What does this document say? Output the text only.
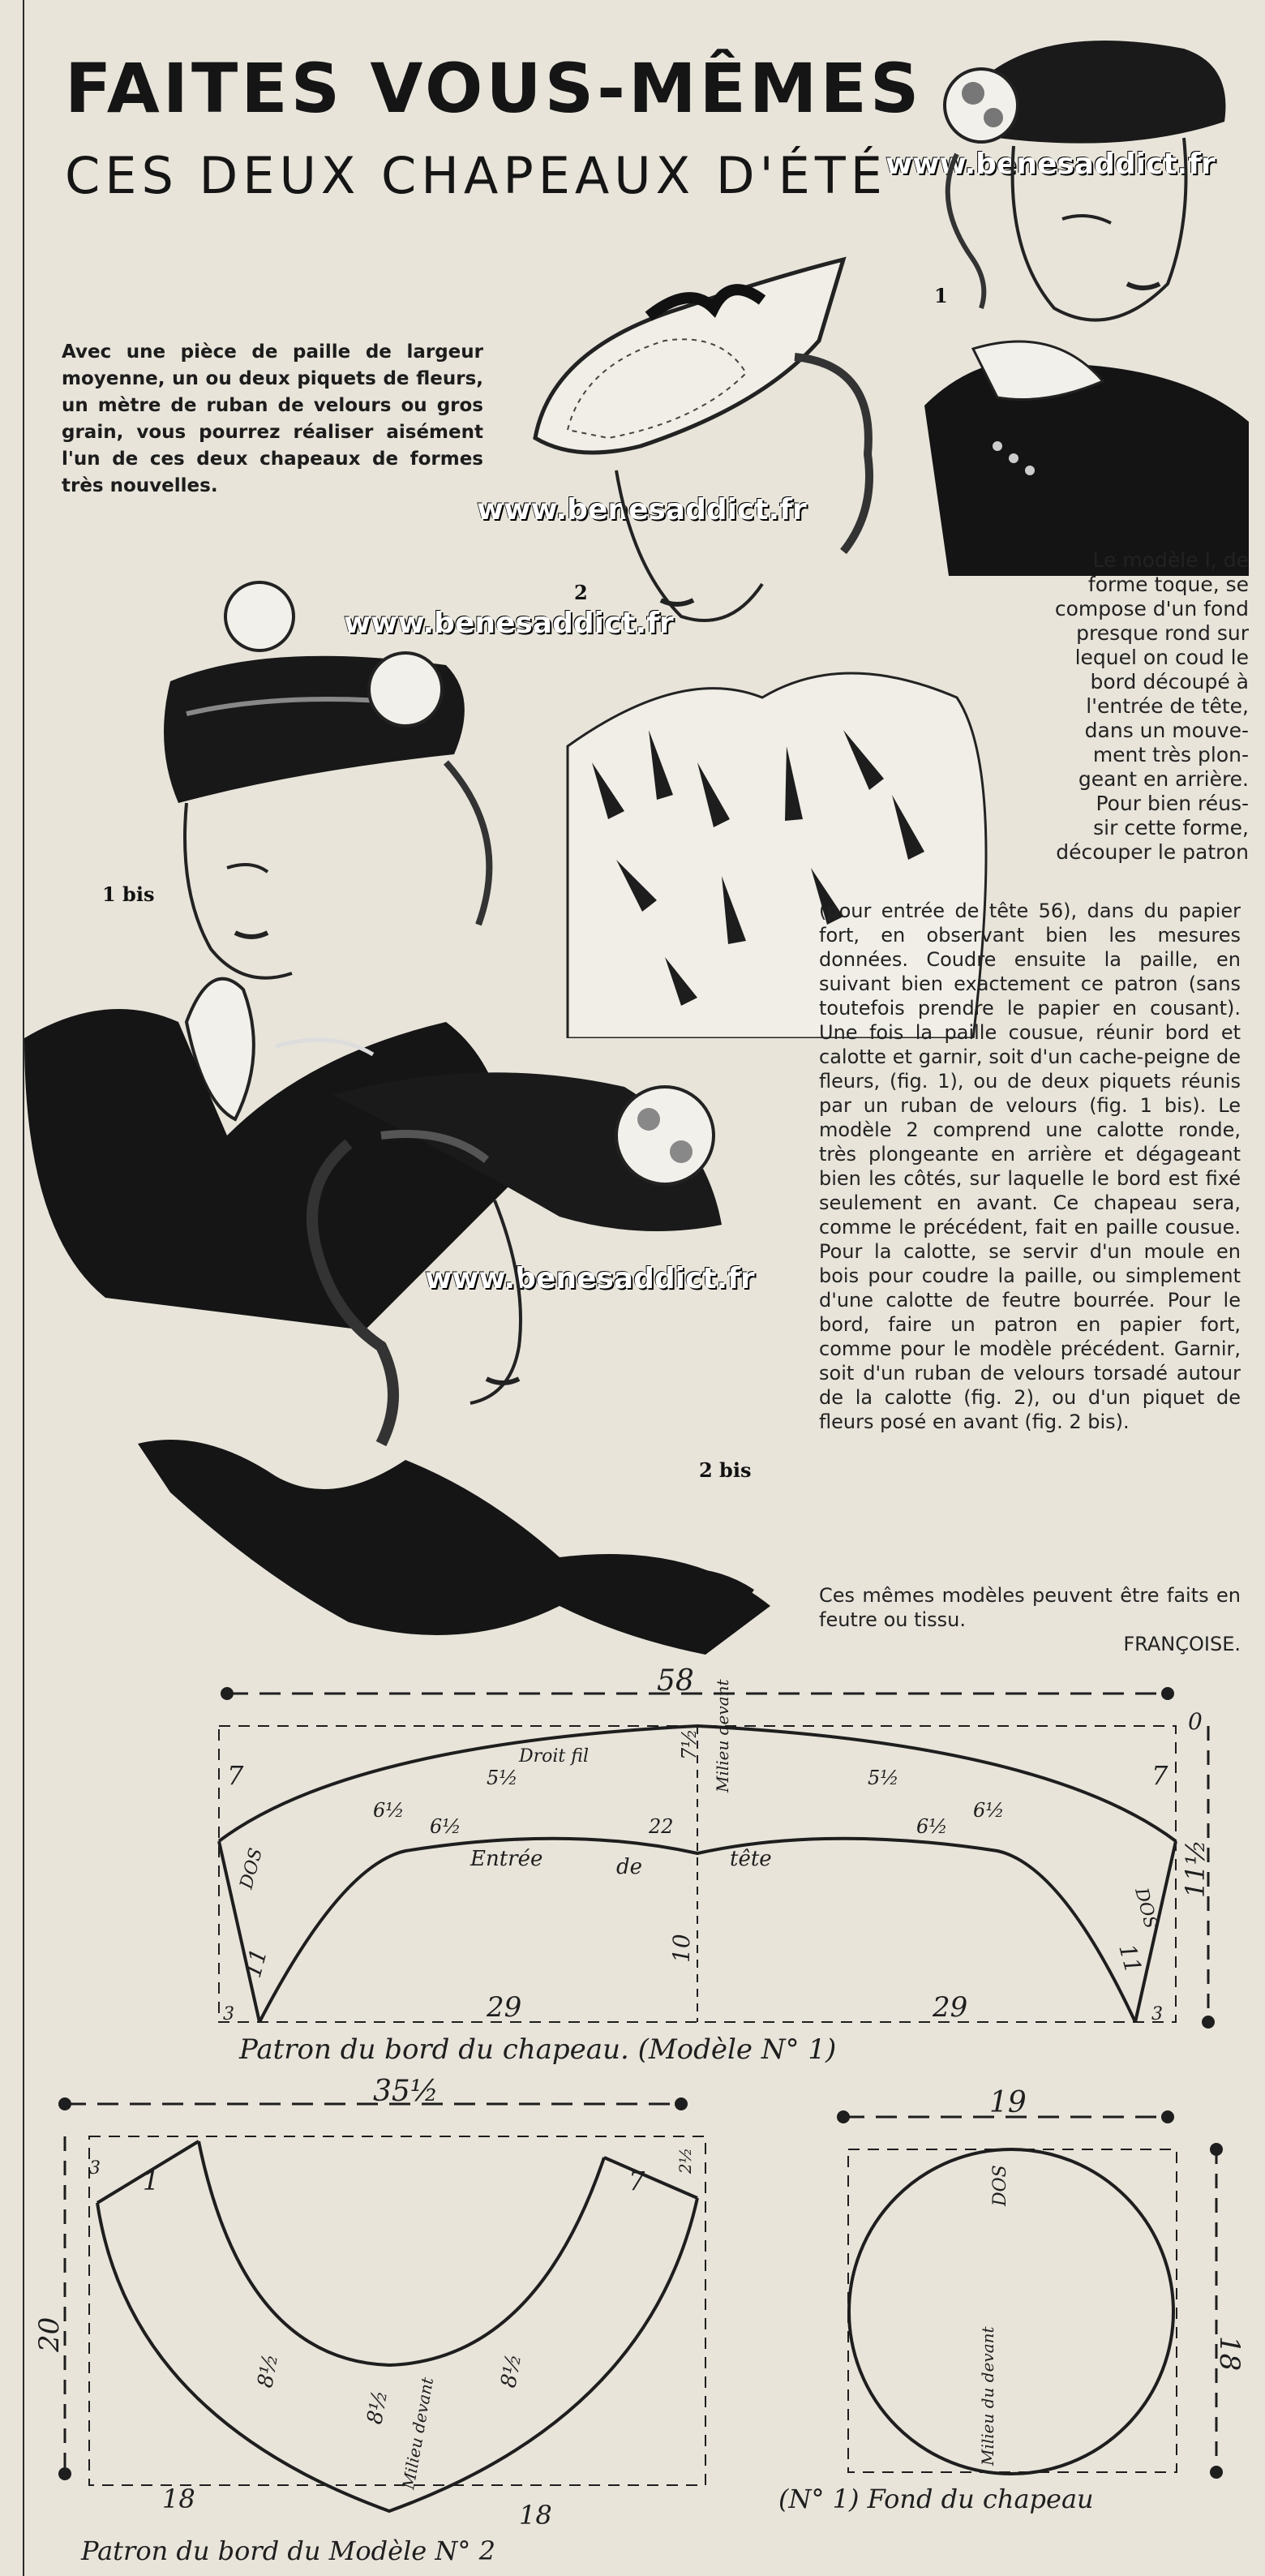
FAITES VOUS-MÊMES
CES DEUX CHAPEAUX D'ÉTÉ
www.benesaddict.fr
www.benesaddict.fr
www.benesaddict.fr
www.benesaddict.fr
Avec une pièce de paille de largeur moyenne, un ou deux piquets de fleurs, un mètre de ruban de velours ou gros grain, vous pourrez réaliser aisément l'un de ces deux chapeaux de formes très nouvelles.
1
2
1 bis
2 bis
Le modèle I, de
forme toque, se
compose d'un fond
presque rond sur
lequel on coud le
bord découpé à
l'entrée de tête,
dans un mouve-
ment très plon-
geant en arrière.
Pour bien réus-
sir cette forme,
découper le patron
(pour entrée de tête 56), dans du papier fort, en observant bien les mesures données. Coudre ensuite la paille, en suivant bien exactement ce patron (sans toutefois prendre le papier en cousant). Une fois la paille cousue, réunir bord et calotte et garnir, soit d'un cache-peigne de fleurs, (fig. 1), ou de deux piquets réunis par un ruban de velours (fig. 1 bis). Le modèle 2 comprend une calotte ronde, très plongeante en arrière et dégageant bien les côtés, sur laquelle le bord est fixé seulement en avant. Ce chapeau sera, comme le précédent, fait en paille cousue. Pour la calotte, se servir d'un moule en bois pour coudre la paille, ou simplement d'une calotte de feutre bourrée. Pour le bord, faire un patron en papier fort, comme pour le modèle précédent. Garnir, soit d'un ruban de velours torsadé autour de la calotte (fig. 2), ou d'un piquet de fleurs posé en avant (fig. 2 bis).
Ces mêmes modèles peuvent être faits en feutre ou tissu.
FRANÇOISE.
58
11½
0
7	7
Droit fil	Milieu devant
7½
6½
6½
5½	5½
6½
6½
22
Entrée	de	tête
DOS
DOS
11	11
10
29	29
3	3
Patron du bord du chapeau. (Modèle N° 1)
35½
20
3 1	7
2½
8½	8½
8½ Milieu devant
18
18
Patron du bord du Modèle N° 2
19
18
DOS
Milieu du devant
(N° 1) Fond du chapeau
